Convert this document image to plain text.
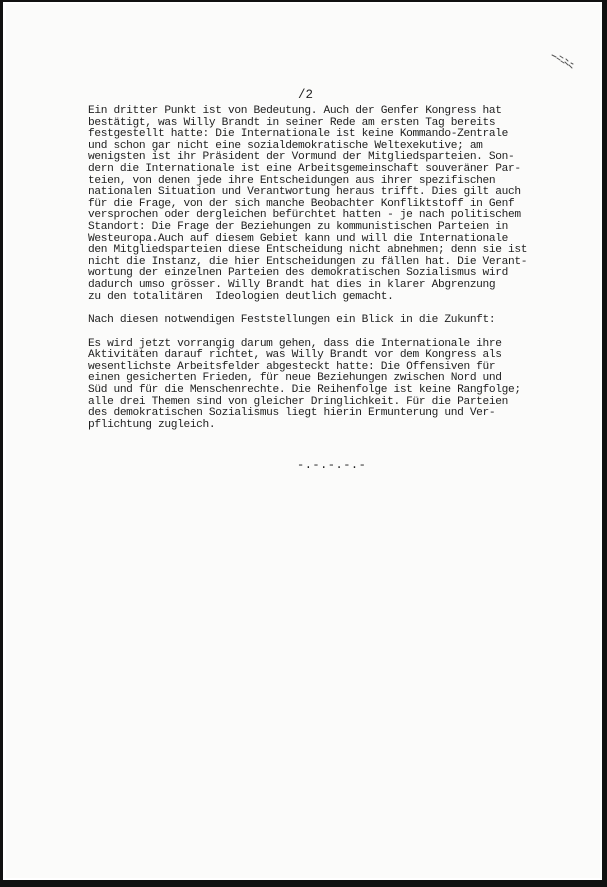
/2

Ein dritter Punkt ist von Bedeutung. Auch der Genfer Kongress hat
bestätigt, was Willy Brandt in seiner Rede am ersten Tag bereits
festgestellt hatte: Die Internationale ist keine Kommando-Zentrale
und schon gar nicht eine sozialdemokratische Weltexekutive; am
wenigsten ist ihr Präsident der Vormund der Mitgliedsparteien. Son-
dern die Internationale ist eine Arbeitsgemeinschaft souveräner Par-
teien, von denen jede ihre Entscheidungen aus ihrer spezifischen
nationalen Situation und Verantwortung heraus trifft. Dies gilt auch
für die Frage, von der sich manche Beobachter Konfliktstoff in Genf
versprochen oder dergleichen befürchtet hatten - je nach politischem
Standort: Die Frage der Beziehungen zu kommunistischen Parteien in
Westeuropa.Auch auf diesem Gebiet kann und will die Internationale
den Mitgliedsparteien diese Entscheidung nicht abnehmen; denn sie ist
nicht die Instanz, die hier Entscheidungen zu fällen hat. Die Verant-
wortung der einzelnen Parteien des demokratischen Sozialismus wird
dadurch umso grösser. Willy Brandt hat dies in klarer Abgrenzung
zu den totalitären  Ideologien deutlich gemacht.

Nach diesen notwendigen Feststellungen ein Blick in die Zukunft:

Es wird jetzt vorrangig darum gehen, dass die Internationale ihre
Aktivitäten darauf richtet, was Willy Brandt vor dem Kongress als
wesentlichste Arbeitsfelder abgesteckt hatte: Die Offensiven für
einen gesicherten Frieden, für neue Beziehungen zwischen Nord und
Süd und für die Menschenrechte. Die Reihenfolge ist keine Rangfolge;
alle drei Themen sind von gleicher Dringlichkeit. Für die Parteien
des demokratischen Sozialismus liegt hierin Ermunterung und Ver-
pflichtung zugleich.

-.-.-.-.-
